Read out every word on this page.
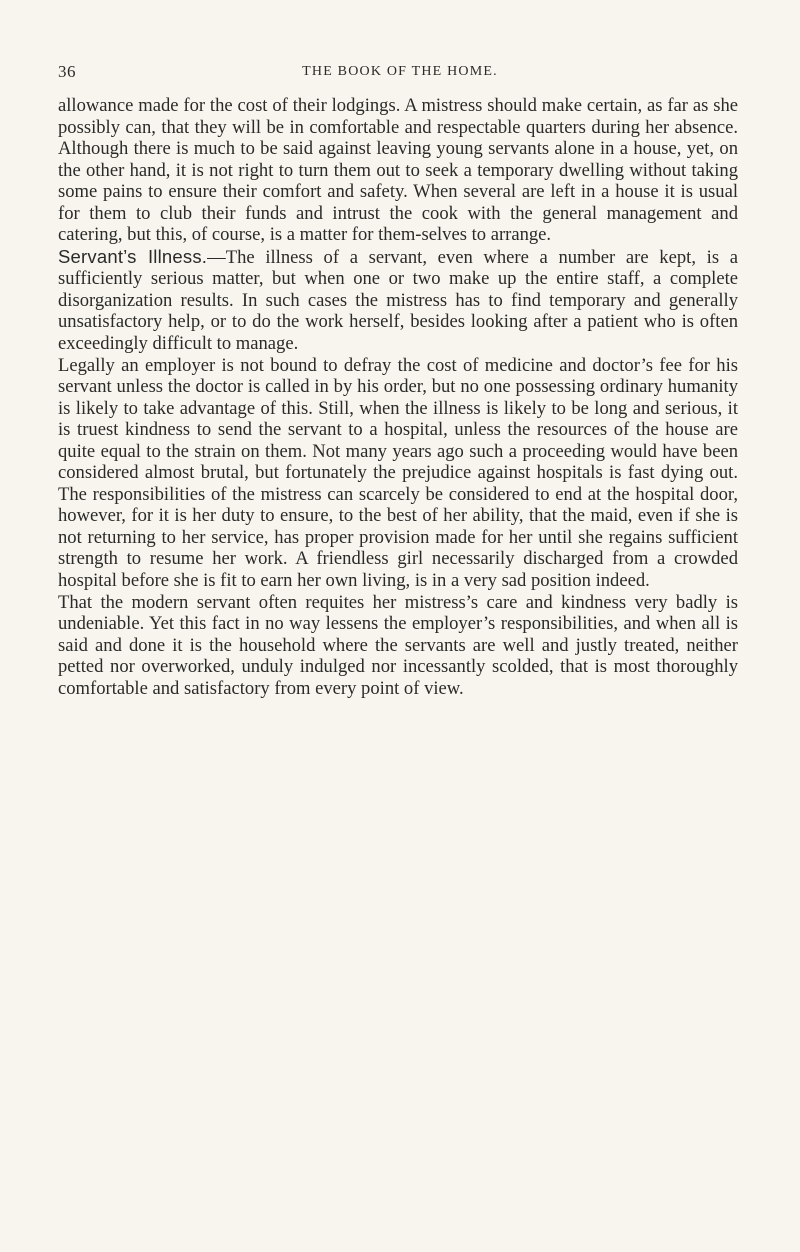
36	THE BOOK OF THE HOME.

allowance made for the cost of their lodgings. A mistress should make certain, as far as she possibly can, that they will be in comfortable and respectable quarters during her absence. Although there is much to be said against leaving young servants alone in a house, yet, on the other hand, it is not right to turn them out to seek a temporary dwelling without taking some pains to ensure their comfort and safety. When several are left in a house it is usual for them to club their funds and intrust the cook with the general management and catering, but this, of course, is a matter for them-selves to arrange.

Servant’s Illness.—The illness of a servant, even where a number are kept, is a sufficiently serious matter, but when one or two make up the entire staff, a complete disorganization results. In such cases the mistress has to find temporary and generally unsatisfactory help, or to do the work herself, besides looking after a patient who is often exceedingly difficult to manage.

Legally an employer is not bound to defray the cost of medicine and doctor’s fee for his servant unless the doctor is called in by his order, but no one possessing ordinary humanity is likely to take advantage of this. Still, when the illness is likely to be long and serious, it is truest kindness to send the servant to a hospital, unless the resources of the house are quite equal to the strain on them. Not many years ago such a proceeding would have been considered almost brutal, but fortunately the prejudice against hospitals is fast dying out. The responsibilities of the mistress can scarcely be considered to end at the hospital door, however, for it is her duty to ensure, to the best of her ability, that the maid, even if she is not returning to her service, has proper provision made for her until she regains sufficient strength to resume her work. A friendless girl necessarily discharged from a crowded hospital before she is fit to earn her own living, is in a very sad position indeed.

That the modern servant often requites her mistress’s care and kindness very badly is undeniable. Yet this fact in no way lessens the employer’s responsibilities, and when all is said and done it is the household where the servants are well and justly treated, neither petted nor overworked, unduly indulged nor incessantly scolded, that is most thoroughly comfortable and satisfactory from every point of view.
